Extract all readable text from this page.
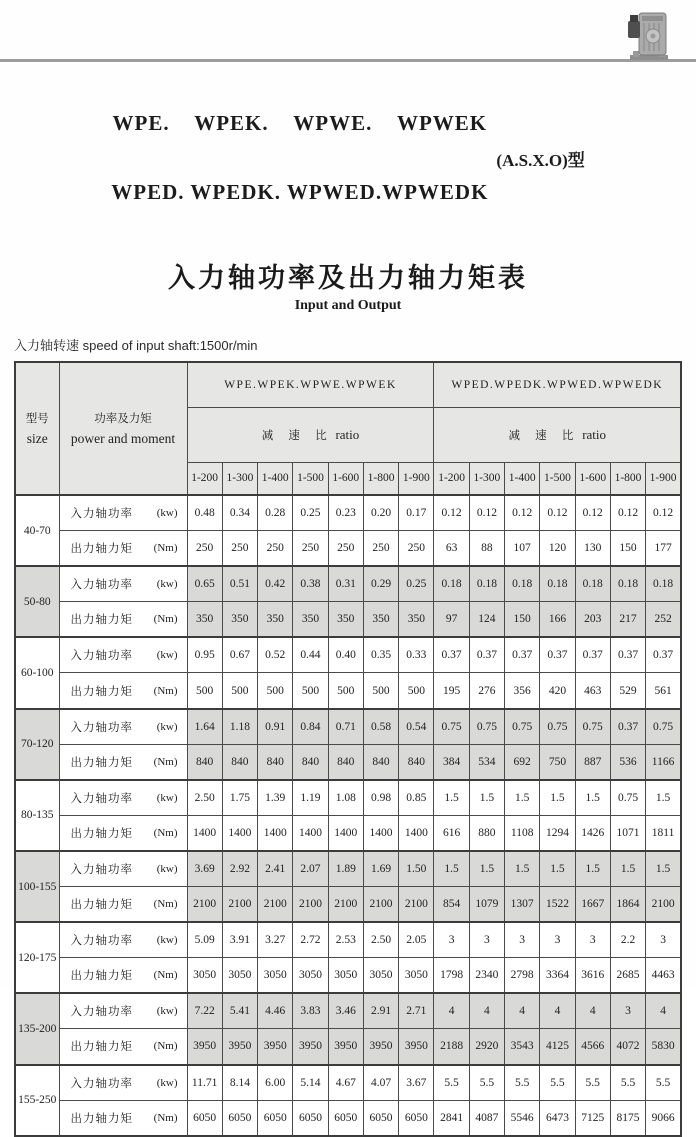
WPE.    WPEK.    WPWE.    WPWEK

WPED. WPEDK. WPWED.WPWEDK

(A.S.X.O)型
入力轴功率及出力轴力矩表
Input and Output
入力轴转速 speed of input shaft:1500r/min
型号
size

功率及力矩
power and moment
	WPE.WPEK.WPWE.WPWEK	WPED.WPEDK.WPWED.WPWEDK
		减 速 比 ratio							减 速 比 ratio						
		1-200	1-300	1-400	1-500	1-600	1-800	1-900	1-200	1-300	1-400	1-500	1-600	1-800	1-900
40-70	入力轴功率 (kw)	0.48	0.34	0.28	0.25	0.23	0.20	0.17	0.12	0.12	0.12	0.12	0.12	0.12	0.12

	出力轴力矩 (Nm)	250	250	250	250	250	250	250	63	88	107	120	130	150	177
50-80	入力轴功率 (kw)	0.65	0.51	0.42	0.38	0.31	0.29	0.25	0.18	0.18	0.18	0.18	0.18	0.18	0.18

	出力轴力矩 (Nm)	350	350	350	350	350	350	350	97	124	150	166	203	217	252
60-100	入力轴功率 (kw)	0.95	0.67	0.52	0.44	0.40	0.35	0.33	0.37	0.37	0.37	0.37	0.37	0.37	0.37

	出力轴力矩 (Nm)	500	500	500	500	500	500	500	195	276	356	420	463	529	561
70-120	入力轴功率 (kw)	1.64	1.18	0.91	0.84	0.71	0.58	0.54	0.75	0.75	0.75	0.75	0.75	0.37	0.75

	出力轴力矩 (Nm)	840	840	840	840	840	840	840	384	534	692	750	887	536	1166
80-135	入力轴功率 (kw)	2.50	1.75	1.39	1.19	1.08	0.98	0.85	1.5	1.5	1.5	1.5	1.5	0.75	1.5

	出力轴力矩 (Nm)	1400	1400	1400	1400	1400	1400	1400	616	880	1108	1294	1426	1071	1811
100-155	入力轴功率 (kw)	3.69	2.92	2.41	2.07	1.89	1.69	1.50	1.5	1.5	1.5	1.5	1.5	1.5	1.5

	出力轴力矩 (Nm)	2100	2100	2100	2100	2100	2100	2100	854	1079	1307	1522	1667	1864	2100
120-175	入力轴功率 (kw)	5.09	3.91	3.27	2.72	2.53	2.50	2.05	3	3	3	3	3	2.2	3

	出力轴力矩 (Nm)	3050	3050	3050	3050	3050	3050	3050	1798	2340	2798	3364	3616	2685	4463
135-200	入力轴功率 (kw)	7.22	5.41	4.46	3.83	3.46	2.91	2.71	4	4	4	4	4	3	4

	出力轴力矩 (Nm)	3950	3950	3950	3950	3950	3950	3950	2188	2920	3543	4125	4566	4072	5830
155-250	入力轴功率 (kw)	11.71	8.14	6.00	5.14	4.67	4.07	3.67	5.5	5.5	5.5	5.5	5.5	5.5	5.5

	出力轴力矩 (Nm)	6050	6050	6050	6050	6050	6050	6050	2841	4087	5546	6473	7125	8175	9066
